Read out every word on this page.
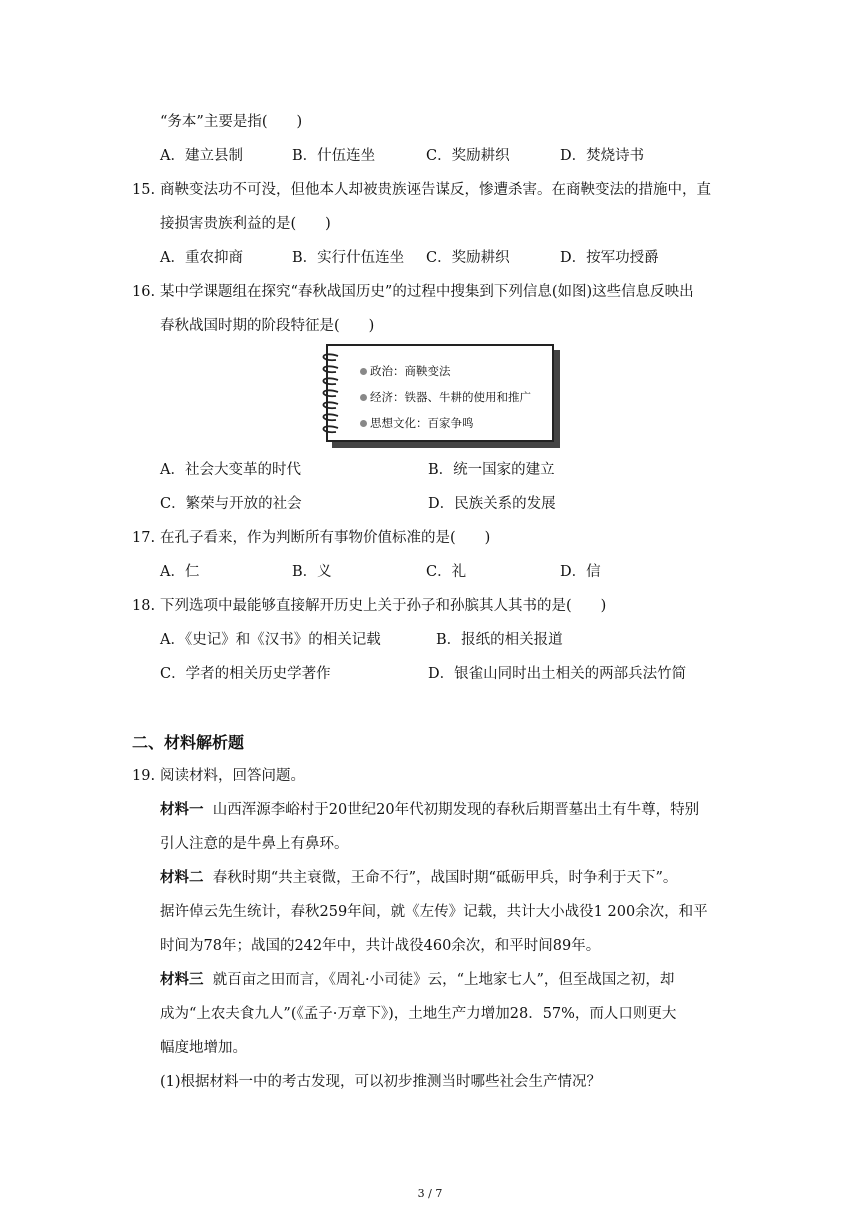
“务本”主要是指(　　)
A．建立县制	B．什伍连坐	C．奖励耕织	D．焚烧诗书
15. 商鞅变法功不可没，但他本人却被贵族诬告谋反，惨遭杀害。在商鞅变法的措施中，直
接损害贵族利益的是(　　)
A．重农抑商	B．实行什伍连坐 C．奖励耕织	D．按军功授爵
16. 某中学课题组在探究“春秋战国历史”的过程中搜集到下列信息(如图)这些信息反映出
春秋战国时期的阶段特征是(　　)
政治：商鞅变法
经济：铁器、牛耕的使用和推广
思想文化：百家争鸣
A．社会大变革的时代	B．统一国家的建立
C．繁荣与开放的社会	D．民族关系的发展
17. 在孔子看来，作为判断所有事物价值标准的是(　　)
A．仁	B．义	C．礼	D．信
18. 下列选项中最能够直接解开历史上关于孙子和孙膑其人其书的是(　　)
A．《史记》和《汉书》的相关记载	B．报纸的相关报道
C．学者的相关历史学著作	D．银雀山同时出土相关的两部兵法竹简
二、材料解析题
19. 阅读材料，回答问题。
材料一 山西浑源李峪村于20世纪20年代初期发现的春秋后期晋墓出土有牛尊，特别
引人注意的是牛鼻上有鼻环。
材料二 春秋时期“共主衰微，王命不行”，战国时期“砥砺甲兵，时争利于天下”。
据许倬云先生统计，春秋259年间，就《左传》记载，共计大小战役1 200余次，和平
时间为78年；战国的242年中，共计战役460余次，和平时间89年。
材料三 就百亩之田而言，《周礼·小司徒》云，“上地家七人”，但至战国之初，却
成为“上农夫食九人”(《孟子·万章下》)，土地生产力增加28．57%，而人口则更大
幅度地增加。
(1)根据材料一中的考古发现，可以初步推测当时哪些社会生产情况？
3 / 7
